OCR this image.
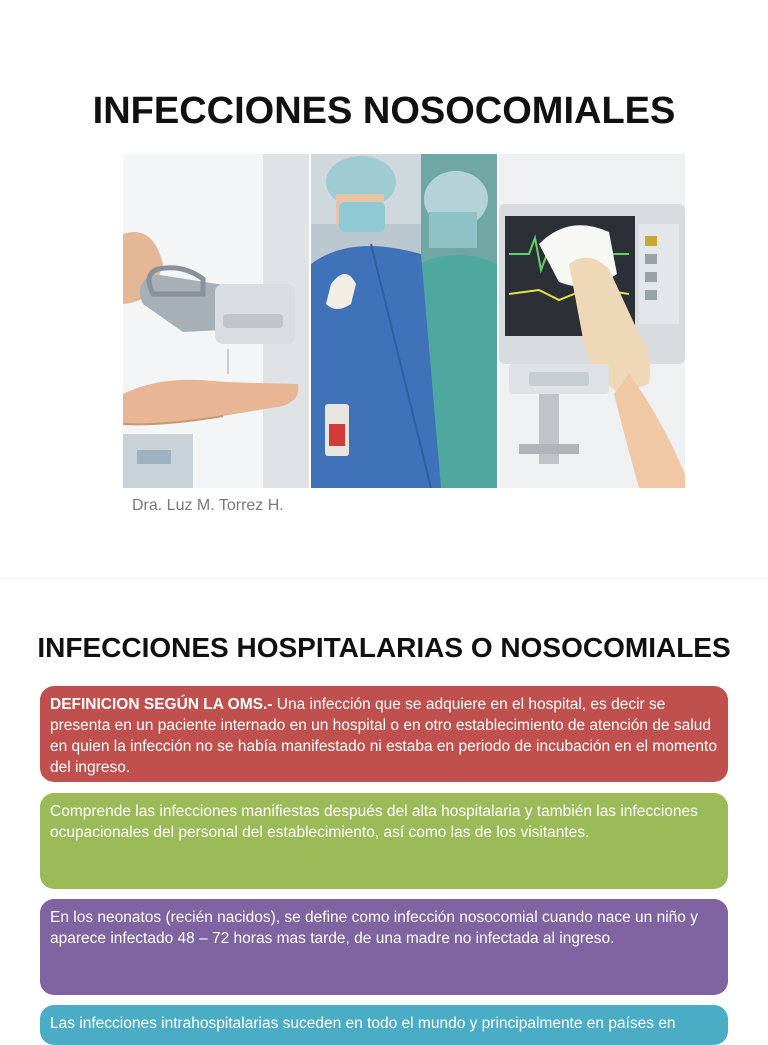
INFECCIONES NOSOCOMIALES
Dra. Luz M. Torrez H.
INFECCIONES HOSPITALARIAS O NOSOCOMIALES
DEFINICION SEGÚN LA OMS.- Una infección que se adquiere en el hospital, es decir se presenta en un paciente internado en un hospital o en otro establecimiento de atención de salud en quien la infección no se había manifestado ni estaba en periodo de incubación en el momento del ingreso.
Comprende las infecciones manifiestas después del alta hospitalaria y también las infecciones ocupacionales del personal del establecimiento, así como las de los visitantes.
En los neonatos (recién nacidos), se define como infección nosocomial cuando nace un niño y aparece infectado 48 – 72 horas mas tarde, de una madre no infectada al ingreso.
Las infecciones intrahospitalarias suceden en todo el mundo y principalmente en países en
